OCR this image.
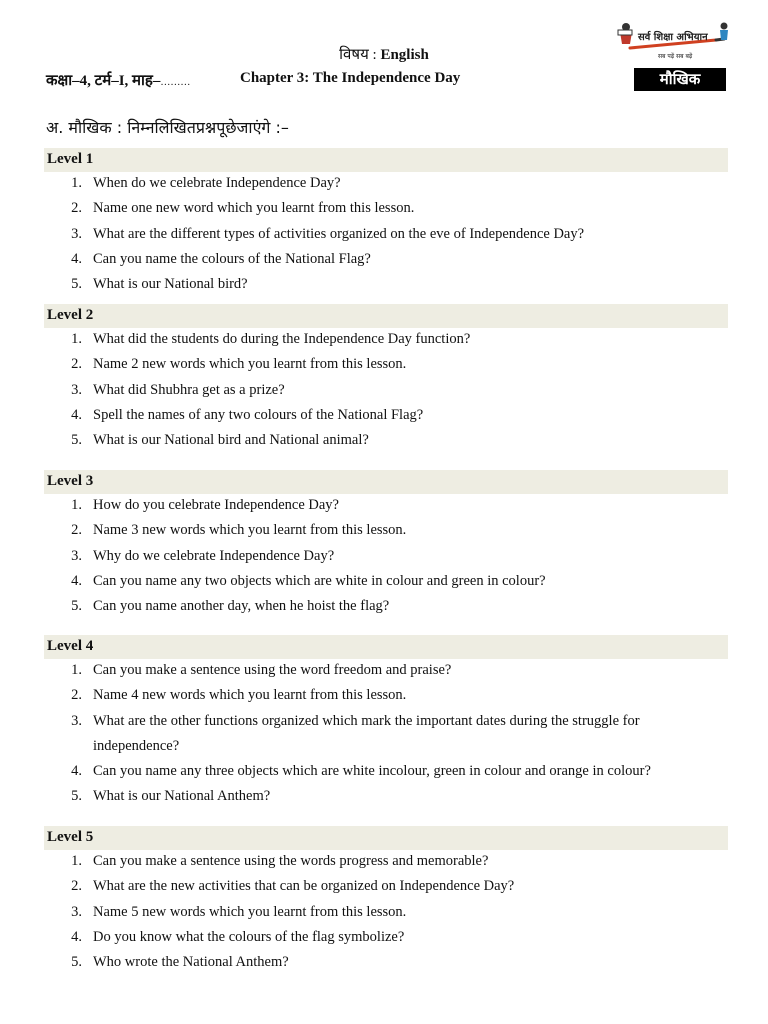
विषय : English
कक्षा–4, टर्म–I, माह–………	Chapter 3: The Independence Day
सर्व शिक्षा अभियान
सब पढ़ें सब बढ़ें
मौखिक
अ. मौखिक : निम्नलिखितप्रश्नपूछेजाएंगे :–
Level 1
1. When do we celebrate Independence Day?
2. Name one new word which you learnt from this lesson.
3. What are the different types of activities organized on the eve of Independence Day?
4. Can you name the colours of the National Flag?
5. What is our National bird?
Level 2
1. What did the students do during the Independence Day function?
2. Name 2 new words which you learnt from this lesson.
3. What did Shubhra get as a prize?
4. Spell the names of any two colours of the National Flag?
5. What is our National bird and National animal?
Level 3
1. How do you celebrate Independence Day?
2. Name 3 new words which you learnt from this lesson.
3. Why do we celebrate Independence Day?
4. Can you name any two objects which are white in colour and green in colour?
5. Can you name another day, when he hoist the flag?
Level 4
1. Can you make a sentence using the word freedom and praise?
2. Name 4 new words which you learnt from this lesson.
3. What are the other functions organized which mark the important dates during the struggle for independence?
4. Can you name any three objects which are white incolour, green in colour and orange in colour?
5. What is our National Anthem?
Level 5
1. Can you make a sentence using the words progress and memorable?
2. What are the new activities that can be organized on Independence Day?
3. Name 5 new words which you learnt from this lesson.
4. Do you know what the colours of the flag symbolize?
5. Who wrote the National Anthem?
